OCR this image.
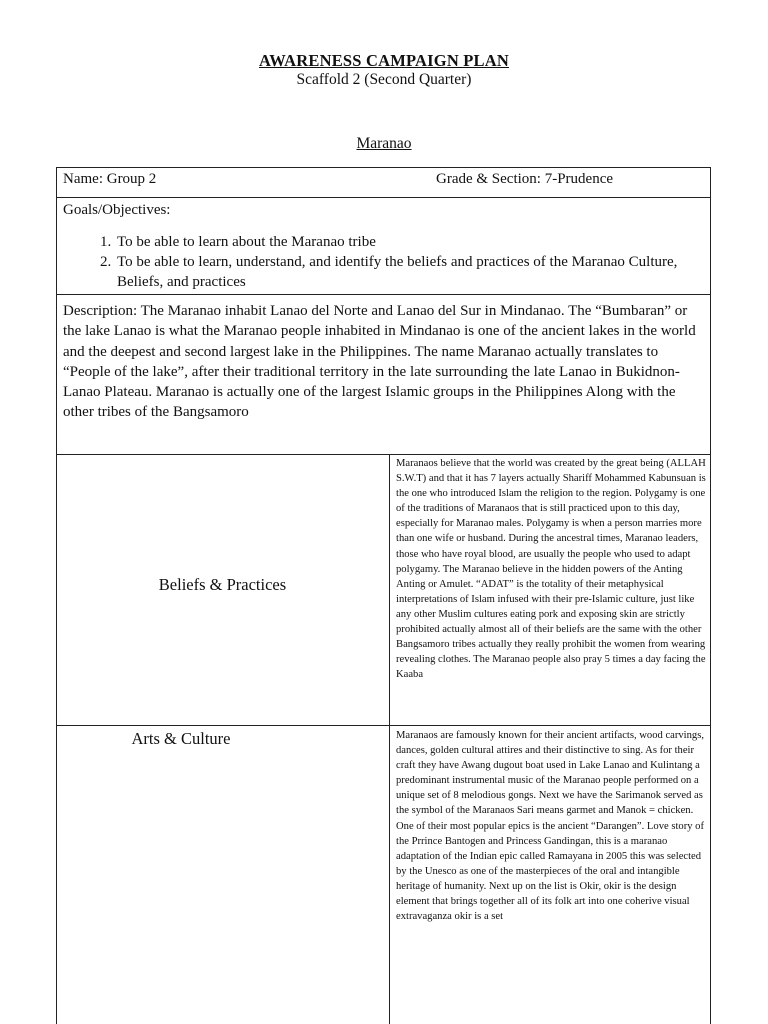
AWARENESS CAMPAIGN PLAN
Scaffold 2 (Second Quarter)
Maranao
Name: Group 2	Grade & Section: 7-Prudence
Goals/Objectives:
1. To be able to learn about the Maranao tribe
2. To be able to learn, understand, and identify the beliefs and practices of the Maranao Culture, Beliefs, and practices
Description: The Maranao inhabit Lanao del Norte and Lanao del Sur in Mindanao. The “Bumbaran” or the lake Lanao is what the Maranao people inhabited in Mindanao is one of the ancient lakes in the world and the deepest and second largest lake in the Philippines. The name Maranao actually translates to “People of the lake”, after their traditional territory in the late surrounding the late Lanao in Bukidnon-Lanao Plateau. Maranao is actually one of the largest Islamic groups in the Philippines Along with the other tribes of the Bangsamoro
Beliefs & Practices
Maranaos believe that the world was created by the great being (ALLAH S.W.T) and that it has 7 layers actually Shariff Mohammed Kabunsuan is the one who introduced Islam the religion to the region. Polygamy is one of the traditions of Maranaos that is still practiced upon to this day, especially for Maranao males. Polygamy is when a person marries more than one wife or husband. During the ancestral times, Maranao leaders, those who have royal blood, are usually the people who used to adapt polygamy. The Maranao believe in the hidden powers of the Anting Anting or Amulet. “ADAT” is the totality of their metaphysical interpretations of Islam infused with their pre-Islamic culture, just like any other Muslim cultures eating pork and exposing skin are strictly prohibited actually almost all of their beliefs are the same with the other Bangsamoro tribes actually they really prohibit the women from wearing revealing clothes. The Maranao people also pray 5 times a day facing the Kaaba
Arts & Culture	Maranaos are famously known for their ancient artifacts, wood carvings, dances, golden cultural attires and their distinctive to sing. As for their craft they have Awang dugout boat used in Lake Lanao and Kulintang a predominant instrumental music of the Maranao people performed on a unique set of 8 melodious gongs. Next we have the Sarimanok served as the symbol of the Maranaos Sari means garmet and Manok = chicken. One of their most popular epics is the ancient “Darangen”. Love story of the Prrince Bantogen and Princess Gandingan, this is a maranao adaptation of the Indian epic called Ramayana in 2005 this was selected by the Unesco as one of the masterpieces of the oral and intangible heritage of humanity. Next up on the list is Okir, okir is the design element that brings together all of its folk art into one coherive visual extravaganza okir is a set
